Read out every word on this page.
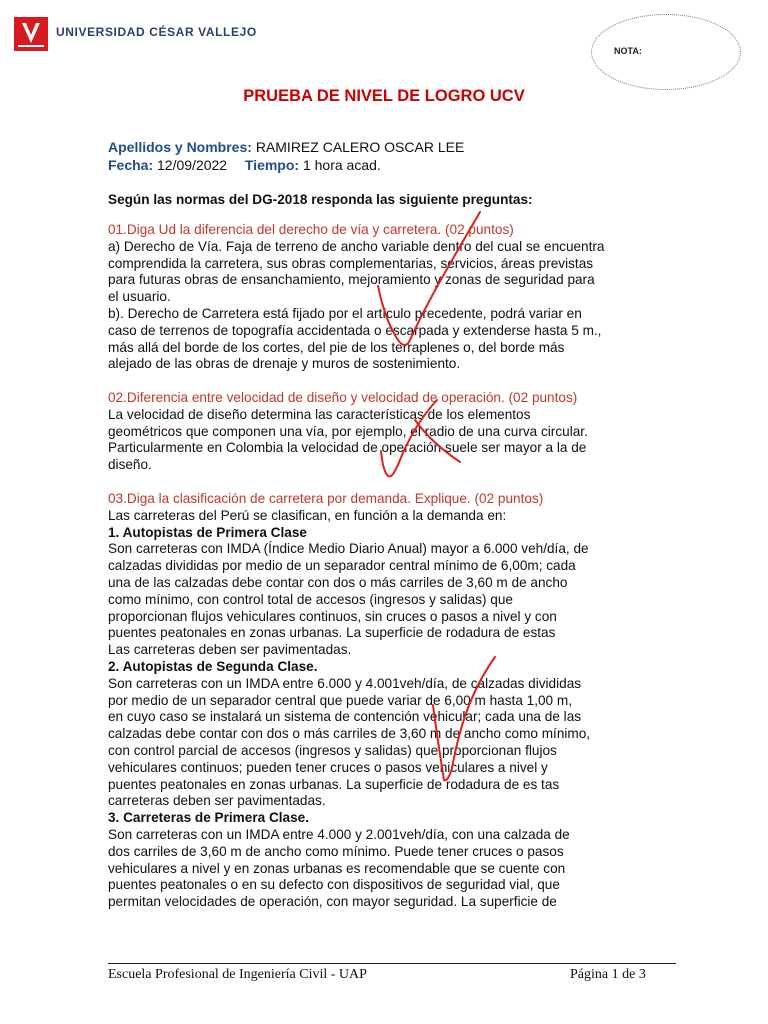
UNIVERSIDAD CÉSAR VALLEJO
NOTA:
PRUEBA DE NIVEL DE LOGRO UCV
Apellidos y Nombres: RAMIREZ CALERO OSCAR LEE
Fecha: 12/09/2022 Tiempo: 1 hora acad.
Según las normas del DG-2018 responda las siguiente preguntas:
01.Diga Ud la diferencia del derecho de vía y carretera. (02 puntos)
a) Derecho de Vía. Faja de terreno de ancho variable dentro del cual se encuentra
comprendida la carretera, sus obras complementarias, servicios, áreas previstas
para futuras obras de ensanchamiento, mejoramiento y zonas de seguridad para
el usuario.
b). Derecho de Carretera está fijado por el artículo precedente, podrá variar en
caso de terrenos de topografía accidentada o escarpada y extenderse hasta 5 m.,
más allá del borde de los cortes, del pie de los terraplenes o, del borde más
alejado de las obras de drenaje y muros de sostenimiento.
02.Diferencia entre velocidad de diseño y velocidad de operación. (02 puntos)
La velocidad de diseño determina las características de los elementos
geométricos que componen una vía, por ejemplo, el radio de una curva circular.
Particularmente en Colombia la velocidad de operación suele ser mayor a la de
diseño.
03.Diga la clasificación de carretera por demanda. Explique. (02 puntos)
Las carreteras del Perú se clasifican, en función a la demanda en:
1. Autopistas de Primera Clase
Son carreteras con IMDA (Índice Medio Diario Anual) mayor a 6.000 veh/día, de
calzadas divididas por medio de un separador central mínimo de 6,00m; cada
una de las calzadas debe contar con dos o más carriles de 3,60 m de ancho
como mínimo, con control total de accesos (ingresos y salidas) que
proporcionan flujos vehiculares continuos, sin cruces o pasos a nivel y con
puentes peatonales en zonas urbanas. La superficie de rodadura de estas
Las carreteras deben ser pavimentadas.
2. Autopistas de Segunda Clase.
Son carreteras con un IMDA entre 6.000 y 4.001veh/día, de calzadas divididas
por medio de un separador central que puede variar de 6,00 m hasta 1,00 m,
en cuyo caso se instalará un sistema de contención vehicular; cada una de las
calzadas debe contar con dos o más carriles de 3,60 m de ancho como mínimo,
con control parcial de accesos (ingresos y salidas) que proporcionan flujos
vehiculares continuos; pueden tener cruces o pasos vehiculares a nivel y
puentes peatonales en zonas urbanas. La superficie de rodadura de es tas
carreteras deben ser pavimentadas.
3. Carreteras de Primera Clase.
Son carreteras con un IMDA entre 4.000 y 2.001veh/día, con una calzada de
dos carriles de 3,60 m de ancho como mínimo. Puede tener cruces o pasos
vehiculares a nivel y en zonas urbanas es recomendable que se cuente con
puentes peatonales o en su defecto con dispositivos de seguridad vial, que
permitan velocidades de operación, con mayor seguridad. La superficie de
Escuela Profesional de Ingeniería Civil - UAP	Página 1 de 3
